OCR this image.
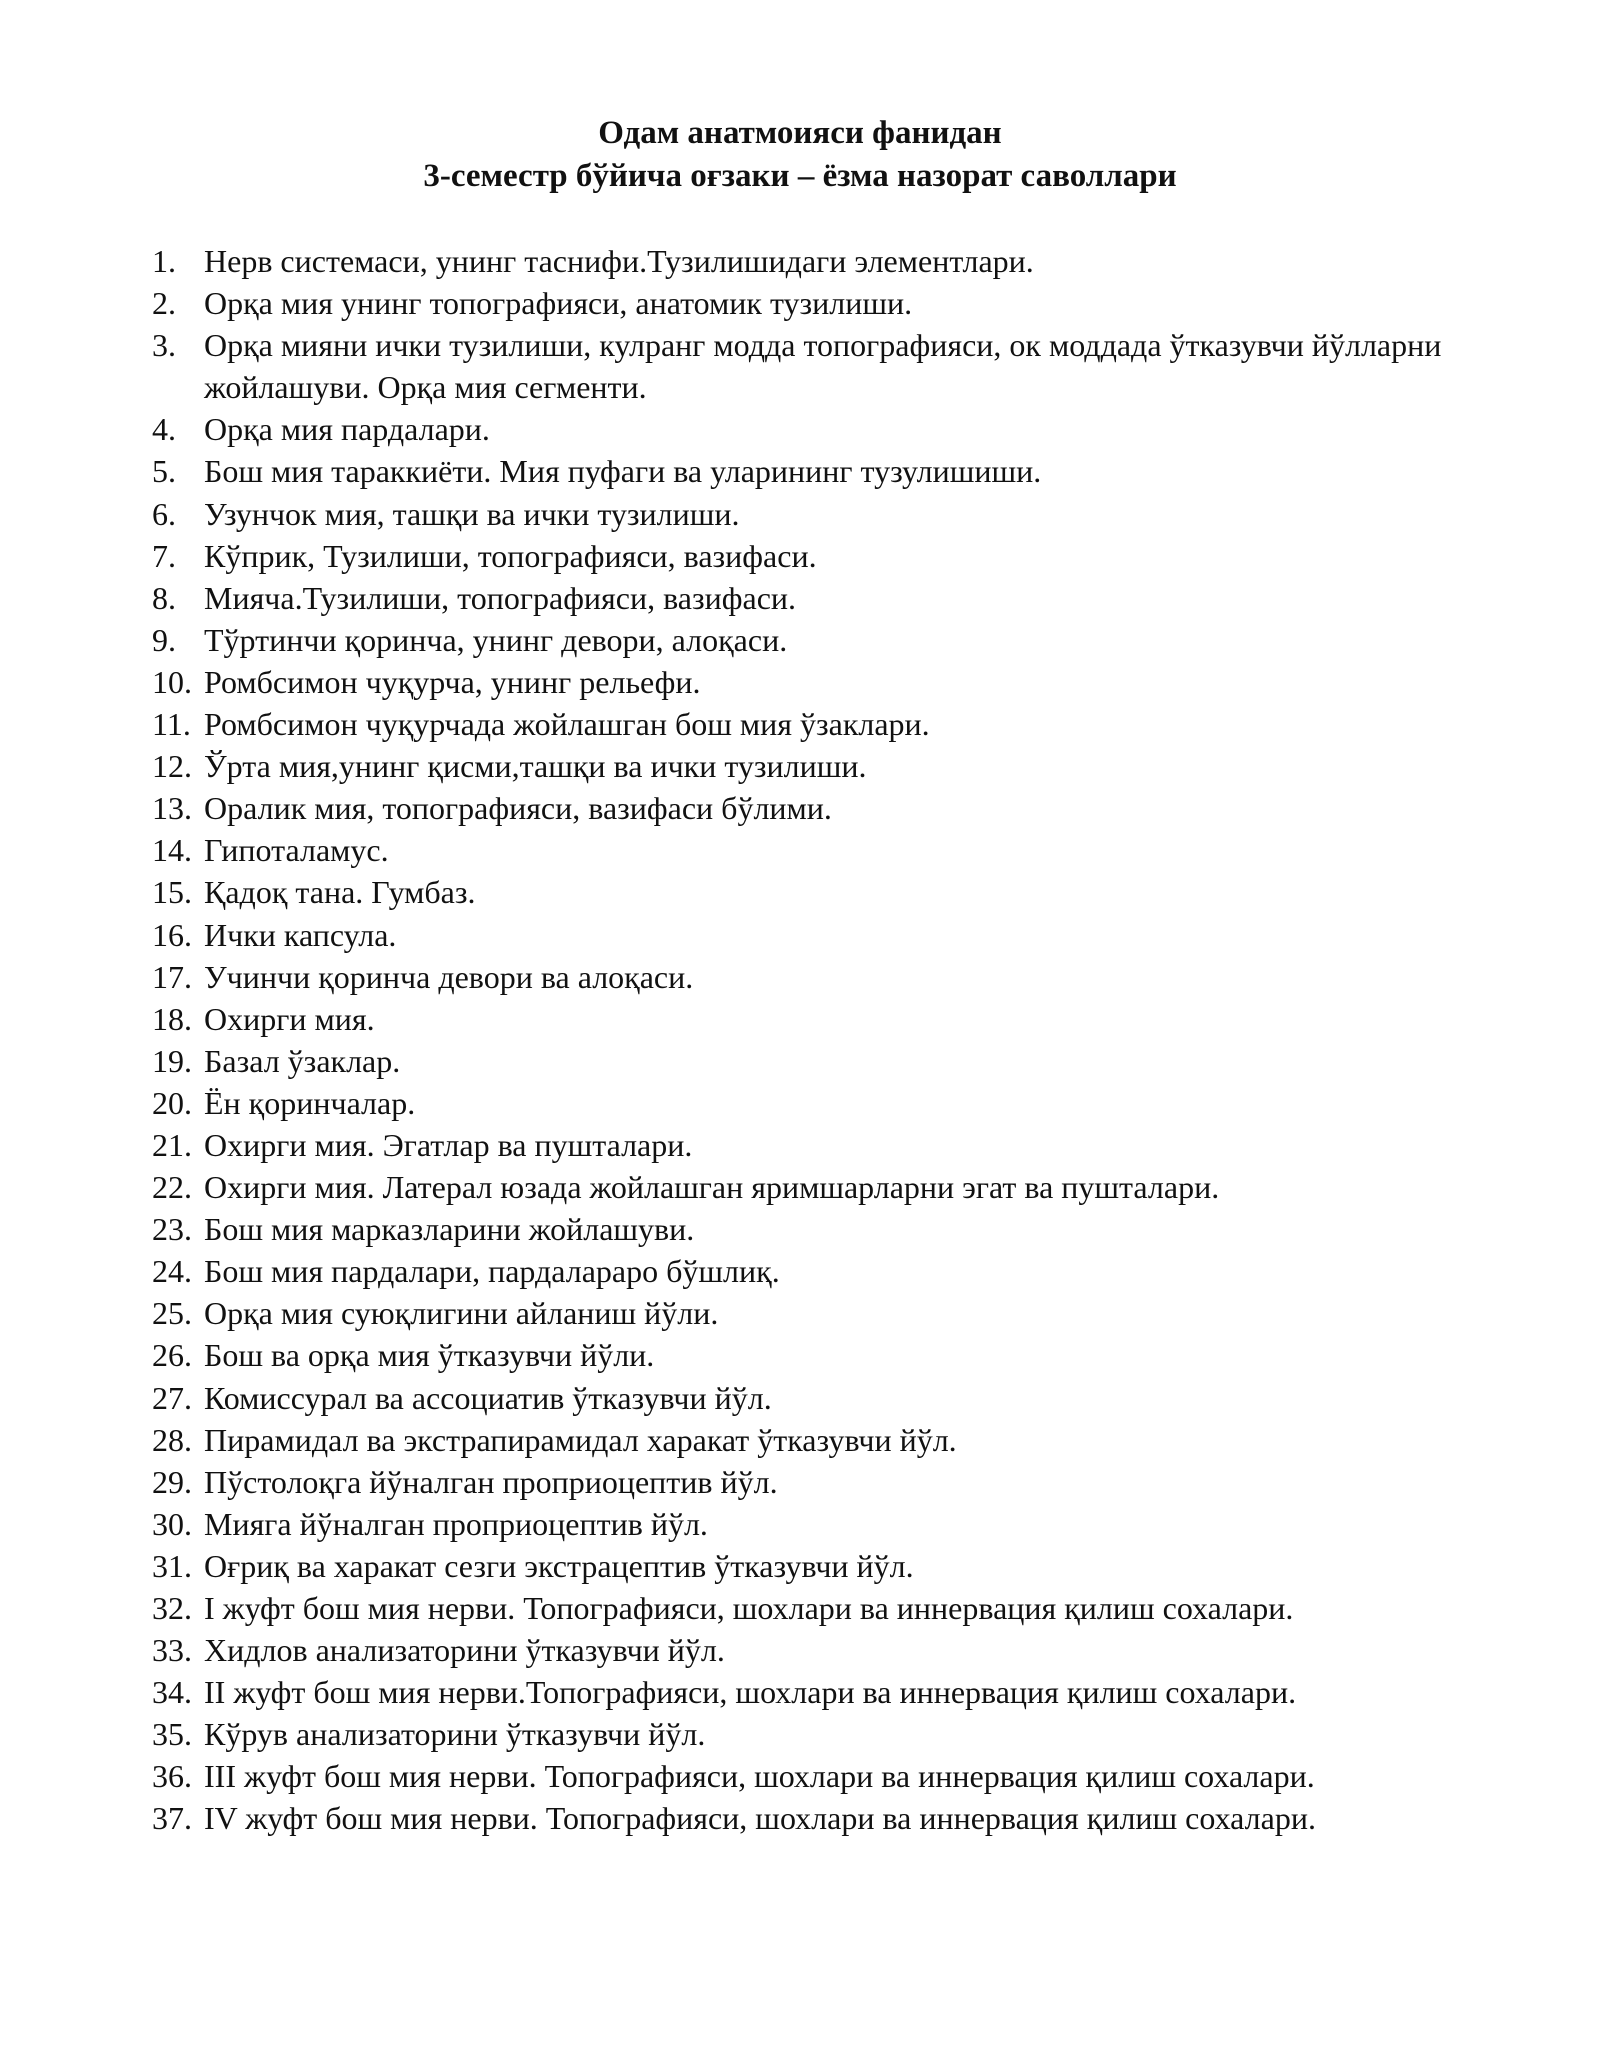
Одам анатмоияси фанидан
3-семестр бўйича оғзаки – ёзма назорат саволлари
1. Нерв системаси, унинг таснифи.Тузилишидаги элементлари.
2. Орқа мия унинг топографияси, анатомик тузилиши.
3. Орқа мияни ички тузилиши, кулранг модда топографияси, ок моддада ўтказувчи йўлларни жойлашуви. Орқа мия сегменти.
4. Орқа мия пардалари.
5. Бош мия тараккиёти. Мия пуфаги ва уларининг тузулишиши.
6. Узунчок мия, ташқи ва ички тузилиши.
7. Кўприк, Тузилиши, топографияси, вазифаси.
8. Мияча.Тузилиши, топографияси, вазифаси.
9. Тўртинчи қоринча, унинг девори, алоқаси.
10. Ромбсимон чуқурча, унинг рельефи.
11. Ромбсимон чуқурчада жойлашган бош мия ўзаклари.
12. Ўрта мия,унинг қисми,ташқи ва ички тузилиши.
13. Оралик мия, топографияси, вазифаси бўлими.
14. Гипоталамус.
15. Қадоқ тана. Гумбаз.
16. Ички капсула.
17. Учинчи қоринча девори ва алоқаси.
18. Охирги мия.
19. Базал ўзаклар.
20. Ён қоринчалар.
21. Охирги мия. Эгатлар ва пушталари.
22. Охирги мия. Латерал юзада жойлашган яримшарларни эгат ва пушталари.
23. Бош мия марказларини жойлашуви.
24. Бош мия пардалари, пардалараро бўшлиқ.
25. Орқа мия суюқлигини айланиш йўли.
26. Бош ва орқа мия ўтказувчи йўли.
27. Комиссурал ва ассоциатив ўтказувчи йўл.
28. Пирамидал ва экстрапирамидал харакат ўтказувчи йўл.
29. Пўстолоқга йўналган проприоцептив йўл.
30. Мияга йўналган проприоцептив йўл.
31. Оғриқ ва харакат сезги экстрацептив ўтказувчи йўл.
32. I жуфт бош мия нерви. Топографияси, шохлари ва иннервация қилиш сохалари.
33. Хидлов анализаторини ўтказувчи йўл.
34. II жуфт бош мия нерви.Топографияси, шохлари ва иннервация қилиш сохалари.
35. Кўрув анализаторини ўтказувчи йўл.
36. III жуфт бош мия нерви. Топографияси, шохлари ва иннервация қилиш сохалари.
37. IV жуфт бош мия нерви. Топографияси, шохлари ва иннервация қилиш сохалари.
